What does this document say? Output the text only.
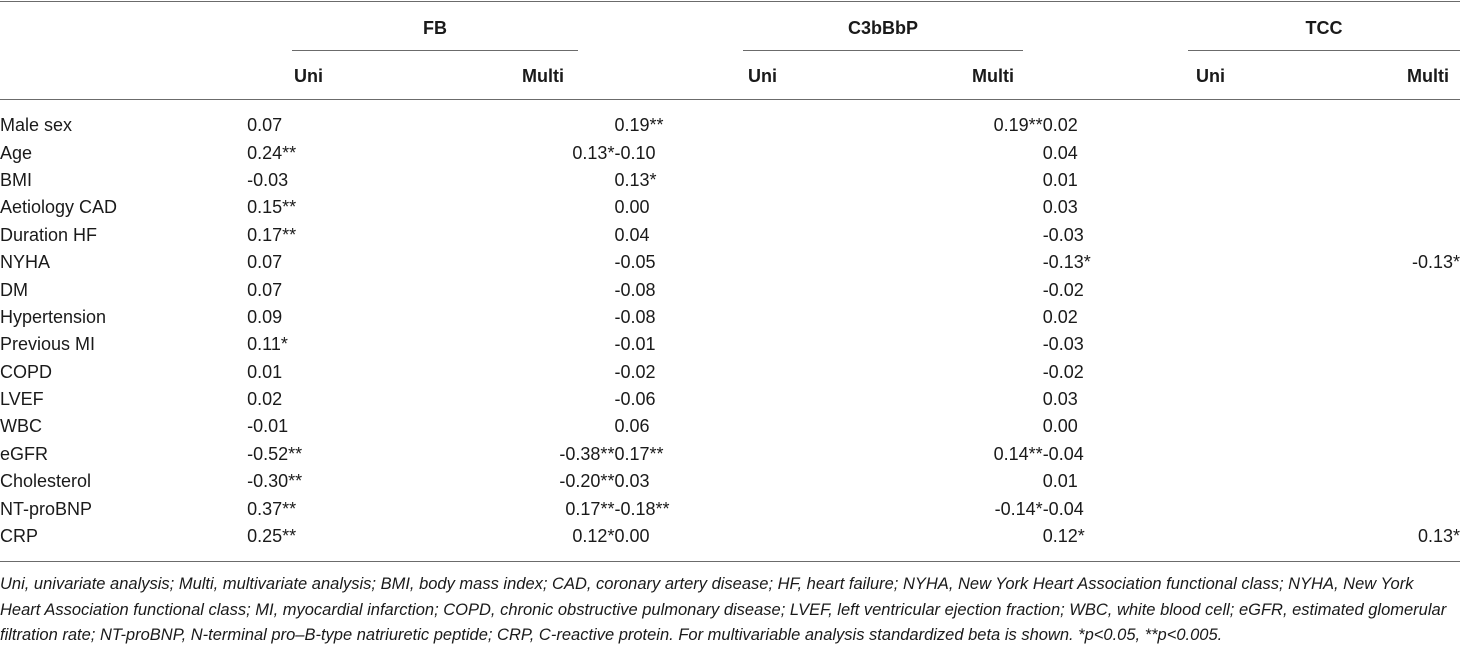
FB	C3bBbP	TCC
Uni	Multi	Uni	Multi	Uni	Multi
Male sex	0.07		0.19**	0.19**	0.02	
Age	0.24**	0.13*	-0.10		0.04	
BMI	-0.03		0.13*		0.01	
Aetiology CAD	0.15**		0.00		0.03	
Duration HF	0.17**		0.04		-0.03	
NYHA	0.07		-0.05		-0.13*	-0.13*
DM	0.07		-0.08		-0.02	
Hypertension	0.09		-0.08		0.02	
Previous MI	0.11*		-0.01		-0.03	
COPD	0.01		-0.02		-0.02	
LVEF	0.02		-0.06		0.03	
WBC	-0.01		0.06		0.00	
eGFR	-0.52**	-0.38**	0.17**	0.14**	-0.04	
Cholesterol	-0.30**	-0.20**	0.03		0.01	
NT-proBNP	0.37**	0.17**	-0.18**	-0.14*	-0.04	
CRP	0.25**	0.12*	0.00		0.12*	0.13*
Uni, univariate analysis; Multi, multivariate analysis; BMI, body mass index; CAD, coronary artery disease; HF, heart failure; NYHA, New York Heart Association functional class; NYHA, New York Heart Association functional class; MI, myocardial infarction; COPD, chronic obstructive pulmonary disease; LVEF, left ventricular ejection fraction; WBC, white blood cell; eGFR, estimated glomerular filtration rate; NT-proBNP, N-terminal pro–B-type natriuretic peptide; CRP, C-reactive protein. For multivariable analysis standardized beta is shown. *p<0.05, **p<0.005.
